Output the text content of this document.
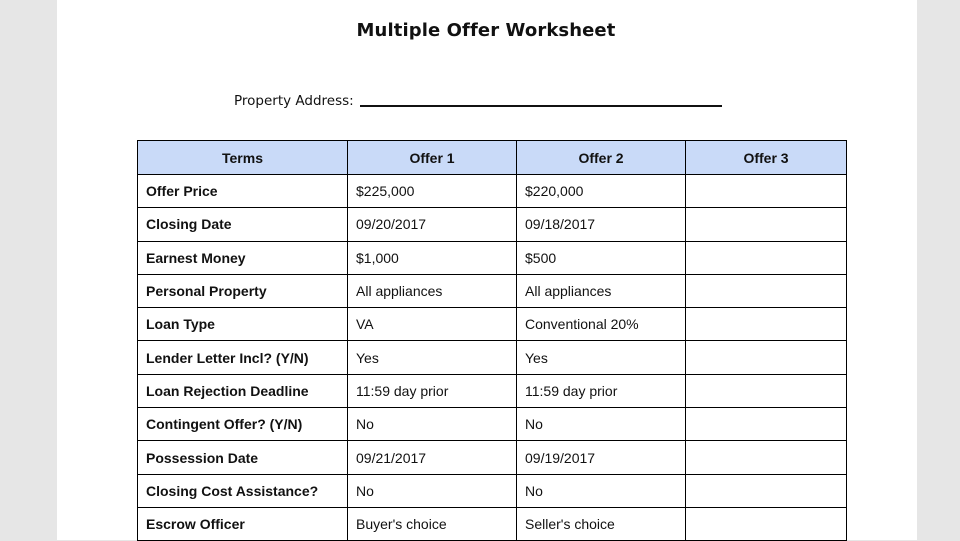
Multiple Offer Worksheet
Property Address:
Terms	Offer 1	Offer 2	Offer 3
Offer Price	$225,000	$220,000	
Closing Date	09/20/2017	09/18/2017	
Earnest Money	$1,000	$500	
Personal Property	All appliances	All appliances	
Loan Type	VA	Conventional 20%	
Lender Letter Incl? (Y/N)	Yes	Yes	
Loan Rejection Deadline	11:59 day prior	11:59 day prior	
Contingent Offer? (Y/N)	No	No	
Possession Date	09/21/2017	09/19/2017	
Closing Cost Assistance?	No	No	
Escrow Officer	Buyer's choice	Seller's choice	
